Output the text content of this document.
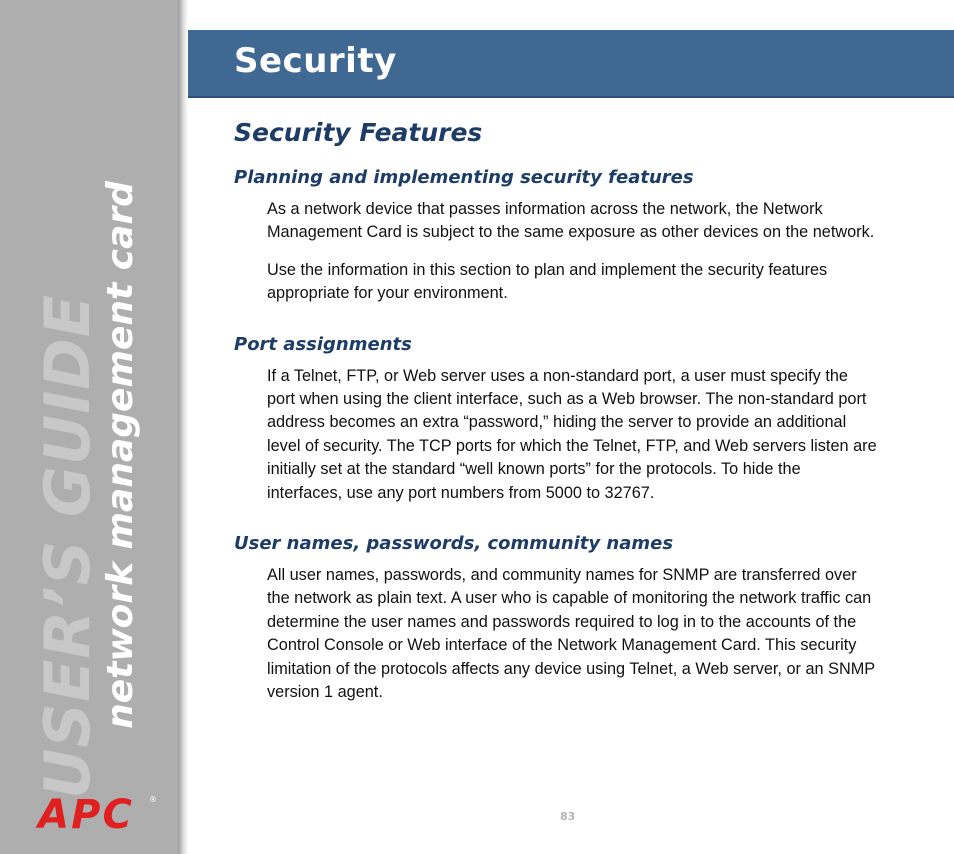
USER’S GUIDE
network management card
APC ®
Security
Security Features
Planning and implementing security features

As a network device that passes information across the network, the Network Management Card is subject to the same exposure as other devices on the network.

Use the information in this section to plan and implement the security features appropriate for your environment.

Port assignments

If a Telnet, FTP, or Web server uses a non-standard port, a user must specify the port when using the client interface, such as a Web browser. The non-standard port address becomes an extra “password,” hiding the server to provide an additional level of security. The TCP ports for which the Telnet, FTP, and Web servers listen are initially set at the standard “well known ports” for the protocols. To hide the interfaces, use any port numbers from 5000 to 32767.

User names, passwords, community names

All user names, passwords, and community names for SNMP are transferred over the network as plain text. A user who is capable of monitoring the network traffic can determine the user names and passwords required to log in to the accounts of the Control Console or Web interface of the Network Management Card. This security limitation of the protocols affects any device using Telnet, a Web server, or an SNMP version 1 agent.

83
